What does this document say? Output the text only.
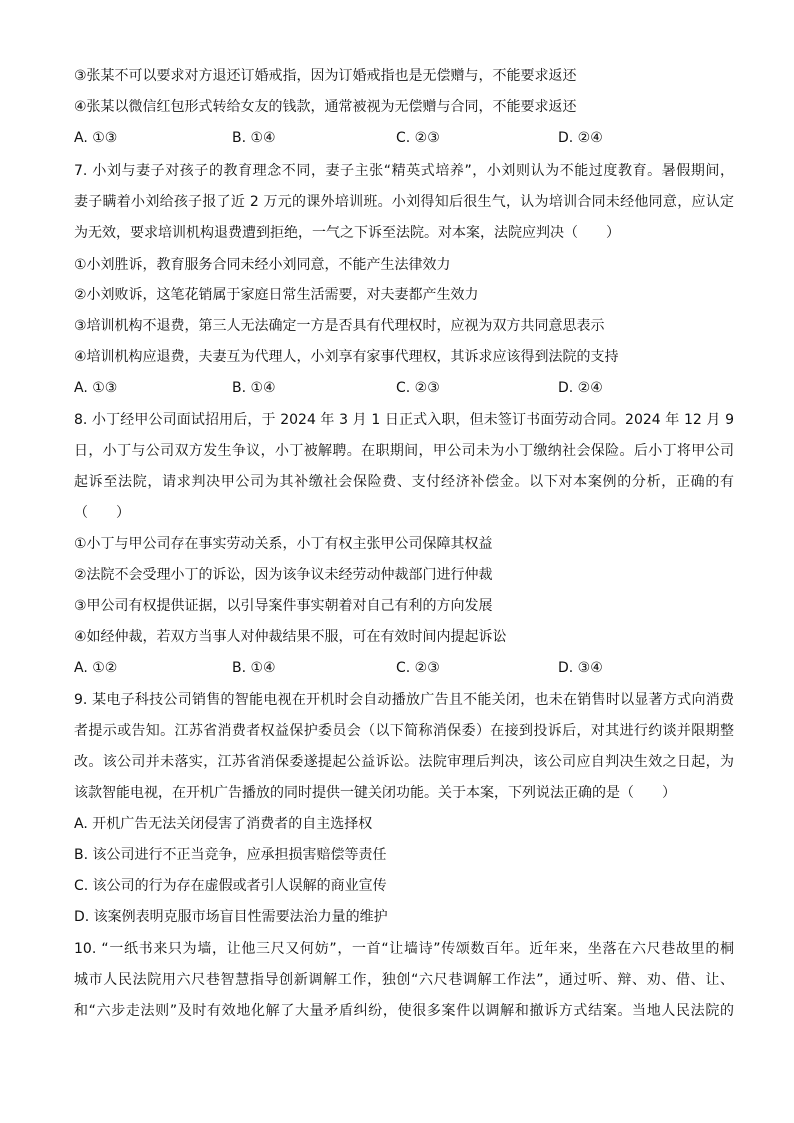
③张某不可以要求对方退还订婚戒指，因为订婚戒指也是无偿赠与，不能要求返还
④张某以微信红包形式转给女友的钱款，通常被视为无偿赠与合同，不能要求返还
A. ①③	B. ①④	C. ②③	D. ②④
7. 小刘与妻子对孩子的教育理念不同，妻子主张“精英式培养”，小刘则认为不能过度教育。暑假期间，
妻子瞒着小刘给孩子报了近 2 万元的课外培训班。小刘得知后很生气，认为培训合同未经他同意，应认定
为无效，要求培训机构退费遭到拒绝，一气之下诉至法院。对本案，法院应判决（　　）
①小刘胜诉，教育服务合同未经小刘同意，不能产生法律效力
②小刘败诉，这笔花销属于家庭日常生活需要，对夫妻都产生效力
③培训机构不退费，第三人无法确定一方是否具有代理权时，应视为双方共同意思表示
④培训机构应退费，夫妻互为代理人，小刘享有家事代理权，其诉求应该得到法院的支持
A. ①③	B. ①④	C. ②③	D. ②④
8. 小丁经甲公司面试招用后，于 2024 年 3 月 1 日正式入职，但未签订书面劳动合同。2024 年 12 月 9
日，小丁与公司双方发生争议，小丁被解聘。在职期间，甲公司未为小丁缴纳社会保险。后小丁将甲公司
起诉至法院，请求判决甲公司为其补缴社会保险费、支付经济补偿金。以下对本案例的分析，正确的有
（　　）
①小丁与甲公司存在事实劳动关系，小丁有权主张甲公司保障其权益
②法院不会受理小丁的诉讼，因为该争议未经劳动仲裁部门进行仲裁
③甲公司有权提供证据，以引导案件事实朝着对自己有利的方向发展
④如经仲裁，若双方当事人对仲裁结果不服，可在有效时间内提起诉讼
A. ①②	B. ①④	C. ②③	D. ③④
9. 某电子科技公司销售的智能电视在开机时会自动播放广告且不能关闭，也未在销售时以显著方式向消费
者提示或告知。江苏省消费者权益保护委员会（以下简称消保委）在接到投诉后，对其进行约谈并限期整
改。该公司并未落实，江苏省消保委遂提起公益诉讼。法院审理后判决，该公司应自判决生效之日起，为
该款智能电视，在开机广告播放的同时提供一键关闭功能。关于本案，下列说法正确的是（　　）
A. 开机广告无法关闭侵害了消费者的自主选择权
B. 该公司进行不正当竞争，应承担损害赔偿等责任
C. 该公司的行为存在虚假或者引人误解的商业宣传
D. 该案例表明克服市场盲目性需要法治力量的维护
10. “一纸书来只为墙，让他三尺又何妨”，一首“让墙诗”传颂数百年。近年来，坐落在六尺巷故里的桐
城市人民法院用六尺巷智慧指导创新调解工作，独创“六尺巷调解工作法”，通过听、辩、劝、借、让、
和“六步走法则”及时有效地化解了大量矛盾纠纷，使很多案件以调解和撤诉方式结案。当地人民法院的
